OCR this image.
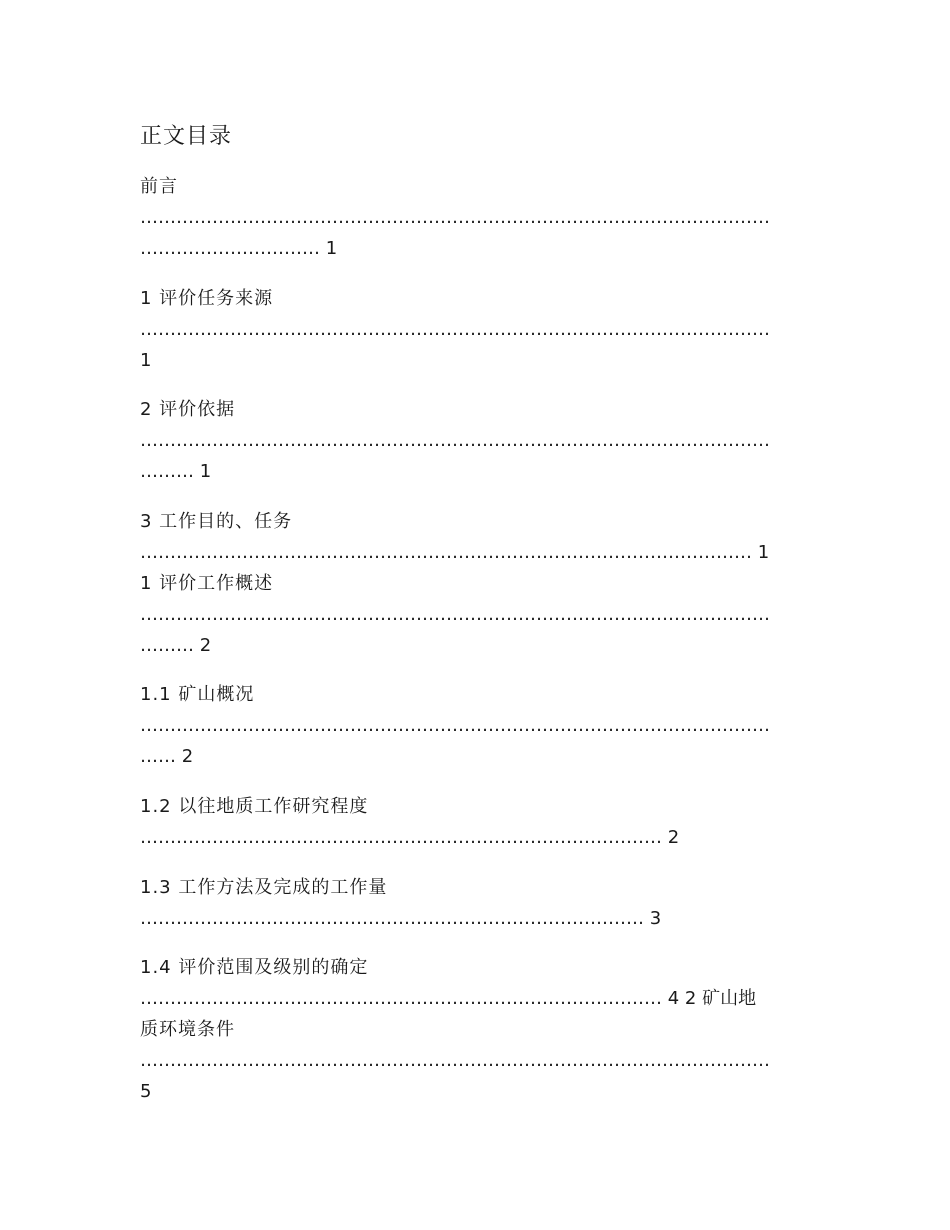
正文目录
前言
……………………………………………………………………………………………
………………………… 1
1 评价任务来源
……………………………………………………………………………………………
1
2 评价依据
……………………………………………………………………………………………
……… 1
3 工作目的、任务
………………………………………………………………………………………… 1
1 评价工作概述
……………………………………………………………………………………………
……… 2
1.1 矿山概况
……………………………………………………………………………………………
…… 2
1.2 以往地质工作研究程度
…………………………………………………………………………… 2
1.3 工作方法及完成的工作量
………………………………………………………………………… 3
1.4 评价范围及级别的确定
…………………………………………………………………………… 4 2 矿山地
质环境条件
……………………………………………………………………………………………
5
